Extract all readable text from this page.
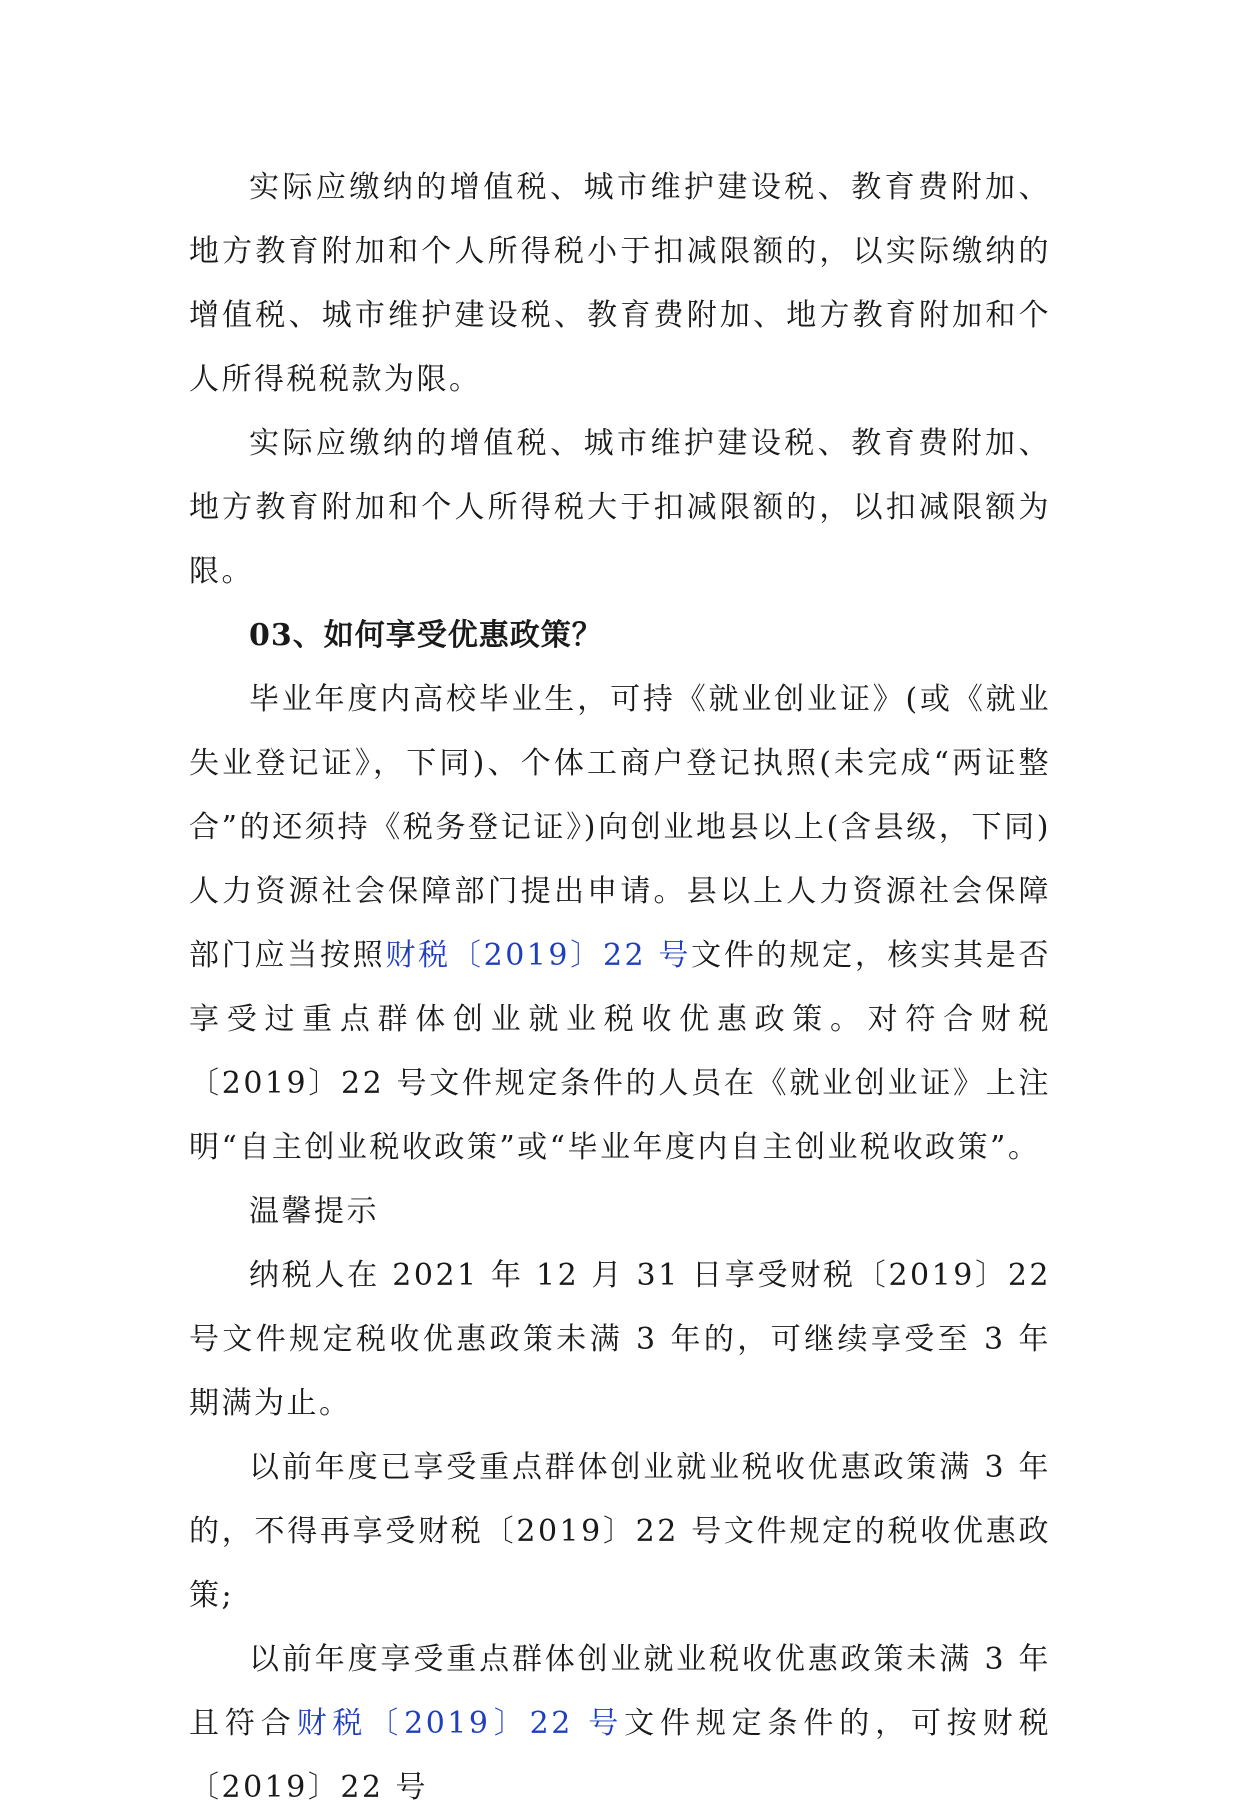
实际应缴纳的增值税、城市维护建设税、教育费附加、地方教育附加和个人所得税小于扣减限额的，以实际缴纳的增值税、城市维护建设税、教育费附加、地方教育附加和个人所得税税款为限。

实际应缴纳的增值税、城市维护建设税、教育费附加、地方教育附加和个人所得税大于扣减限额的，以扣减限额为限。

03、如何享受优惠政策？

毕业年度内高校毕业生，可持《就业创业证》(或《就业失业登记证》，下同)、个体工商户登记执照(未完成“两证整合”的还须持《税务登记证》)向创业地县以上(含县级，下同)人力资源社会保障部门提出申请。县以上人力资源社会保障部门应当按照财税〔2019〕22 号文件的规定，核实其是否享受过重点群体创业就业税收优惠政策。对符合财税〔2019〕22 号文件规定条件的人员在《就业创业证》上注明“自主创业税收政策”或“毕业年度内自主创业税收政策”。

温馨提示

纳税人在 2021 年 12 月 31 日享受财税〔2019〕22 号文件规定税收优惠政策未满 3 年的，可继续享受至 3 年期满为止。

以前年度已享受重点群体创业就业税收优惠政策满 3 年的，不得再享受财税〔2019〕22 号文件规定的税收优惠政策;

以前年度享受重点群体创业就业税收优惠政策未满 3 年且符合财税〔2019〕22 号文件规定条件的，可按财税〔2019〕22 号
